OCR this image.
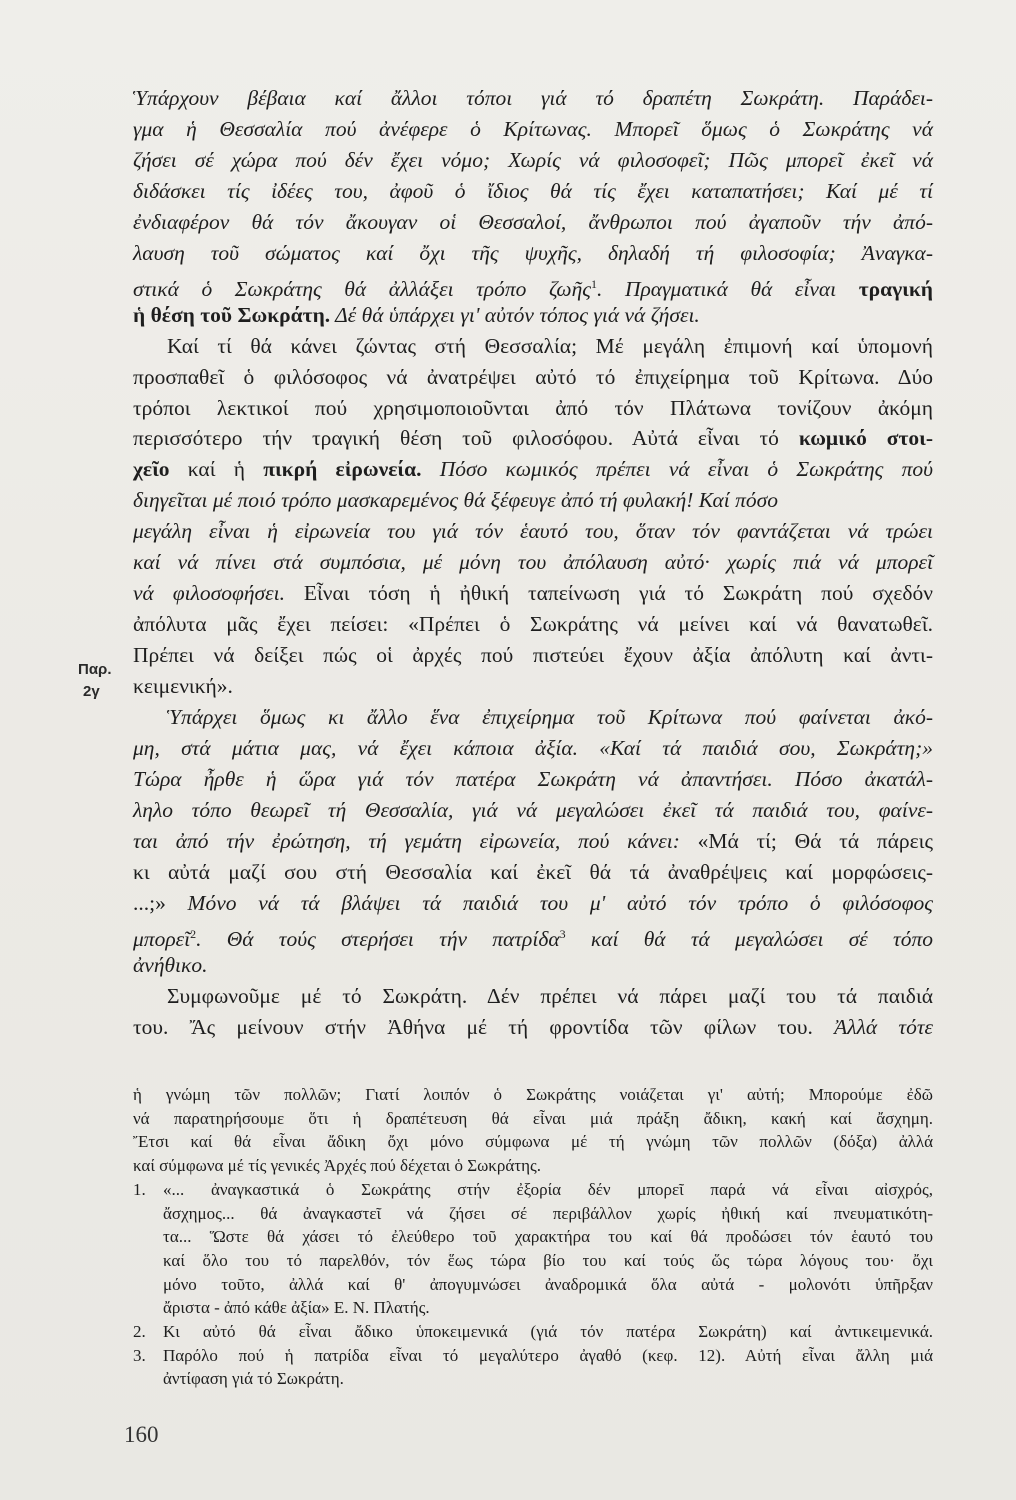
Ὑπάρχουν βέβαια καί ἄλλοι τόποι γιά τό δραπέτη Σωκράτη. Παράδει-
γμα ἡ Θεσσαλία πού ἀνέφερε ὁ Κρίτωνας. Μπορεῖ ὅμως ὁ Σωκράτης νά
ζήσει σέ χώρα πού δέν ἔχει νόμο; Χωρίς νά φιλοσοφεῖ; Πῶς μπορεῖ ἐκεῖ νά
διδάσκει τίς ἰδέες του, ἀφοῦ ὁ ἴδιος θά τίς ἔχει καταπατήσει; Καί μέ τί
ἐνδιαφέρον θά τόν ἄκουγαν οἱ Θεσσαλοί, ἄνθρωποι πού ἀγαποῦν τήν ἀπό-
λαυση τοῦ σώματος καί ὄχι τῆς ψυχῆς, δηλαδή τή φιλοσοφία; Ἀναγκα-
στικά ὁ Σωκράτης θά ἀλλάξει τρόπο ζωῆς$^1$. Πραγματικά θά εἶναι τραγική
ἡ θέση τοῦ Σωκράτη. Δέ θά ὑπάρχει γι' αὐτόν τόπος γιά νά ζήσει.
Καί τί θά κάνει ζώντας στή Θεσσαλία; Μέ μεγάλη ἐπιμονή καί ὑπομονή
προσπαθεῖ ὁ φιλόσοφος νά ἀνατρέψει αὐτό τό ἐπιχείρημα τοῦ Κρίτωνα. Δύο
τρόποι λεκτικοί πού χρησιμοποιοῦνται ἀπό τόν Πλάτωνα τονίζουν ἀκόμη
περισσότερο τήν τραγική θέση τοῦ φιλοσόφου. Αὐτά εἶναι τό κωμικό στοι-
χεῖο καί ἡ πικρή εἰρωνεία. Πόσο κωμικός πρέπει νά εἶναι ὁ Σωκράτης πού
διηγεῖται μέ ποιό τρόπο μασκαρεμένος θά ξέφευγε ἀπό τή φυλακή! Καί πόσο
μεγάλη εἶναι ἡ εἰρωνεία του γιά τόν ἑαυτό του, ὅταν τόν φαντάζεται νά τρώει
καί νά πίνει στά συμπόσια, μέ μόνη του ἀπόλαυση αὐτό· χωρίς πιά νά μπορεῖ
νά φιλοσοφήσει. Εἶναι τόση ἡ ἠθική ταπείνωση γιά τό Σωκράτη πού σχεδόν
ἀπόλυτα μᾶς ἔχει πείσει: «Πρέπει ὁ Σωκράτης νά μείνει καί νά θανατωθεῖ.
Πρέπει νά δείξει πώς οἱ ἀρχές πού πιστεύει ἔχουν ἀξία ἀπόλυτη καί ἀντι-
κειμενική».
Ὑπάρχει ὅμως κι ἄλλο ἕνα ἐπιχείρημα τοῦ Κρίτωνα πού φαίνεται ἀκό-
μη, στά μάτια μας, νά ἔχει κάποια ἀξία. «Καί τά παιδιά σου, Σωκράτη;»
Τώρα ἦρθε ἡ ὥρα γιά τόν πατέρα Σωκράτη νά ἀπαντήσει. Πόσο ἀκατάλ-
ληλο τόπο θεωρεῖ τή Θεσσαλία, γιά νά μεγαλώσει ἐκεῖ τά παιδιά του, φαίνε-
ται ἀπό τήν ἐρώτηση, τή γεμάτη εἰρωνεία, πού κάνει: «Μά τί; Θά τά πάρεις
κι αὐτά μαζί σου στή Θεσσαλία καί ἐκεῖ θά τά ἀναθρέψεις καί μορφώσεις-
...;» Μόνο νά τά βλάψει τά παιδιά του μ' αὐτό τόν τρόπο ὁ φιλόσοφος
μπορεῖ$^2$. Θά τούς στερήσει τήν πατρίδα$^3$ καί θά τά μεγαλώσει σέ τόπο
ἀνήθικο.
Συμφωνοῦμε μέ τό Σωκράτη. Δέν πρέπει νά πάρει μαζί του τά παιδιά
του. Ἄς μείνουν στήν Ἀθήνα μέ τή φροντίδα τῶν φίλων του. Ἀλλά τότε
ἡ γνώμη τῶν πολλῶν; Γιατί λοιπόν ὁ Σωκράτης νοιάζεται γι' αὐτή; Μπορούμε ἐδῶ
νά παρατηρήσουμε ὅτι ἡ δραπέτευση θά εἶναι μιά πράξη ἄδικη, κακή καί ἄσχημη.
Ἔτσι καί θά εἶναι ἄδικη ὄχι μόνο σύμφωνα μέ τή γνώμη τῶν πολλῶν (δόξα) ἀλλά
καί σύμφωνα μέ τίς γενικές Ἀρχές πού δέχεται ὁ Σωκράτης.
1.	«... ἀναγκαστικά ὁ Σωκράτης στήν ἐξορία δέν μπορεῖ παρά νά εἶναι αἰσχρός,
ἄσχημος... θά ἀναγκαστεῖ νά ζήσει σέ περιβάλλον χωρίς ἠθική καί πνευματικότη-
τα... Ὥστε θά χάσει τό ἐλεύθερο τοῦ χαρακτήρα του καί θά προδώσει τόν ἑαυτό του
καί ὅλο του τό παρελθόν, τόν ἕως τώρα βίο του καί τούς ὥς τώρα λόγους του· ὄχι
μόνο τοῦτο, ἀλλά καί θ' ἀπογυμνώσει ἀναδρομικά ὅλα αὐτά - μολονότι ὑπῆρξαν
ἄριστα - ἀπό κάθε ἀξία» Ε. Ν. Πλατής.
2.	Κι αὐτό θά εἶναι ἄδικο ὑποκειμενικά (γιά τόν πατέρα Σωκράτη) καί ἀντικειμενικά.
3.	Παρόλο πού ἡ πατρίδα εἶναι τό μεγαλύτερο ἀγαθό (κεφ. 12). Αὐτή εἶναι ἄλλη μιά
ἀντίφαση γιά τό Σωκράτη.
Παρ.
2γ
160
